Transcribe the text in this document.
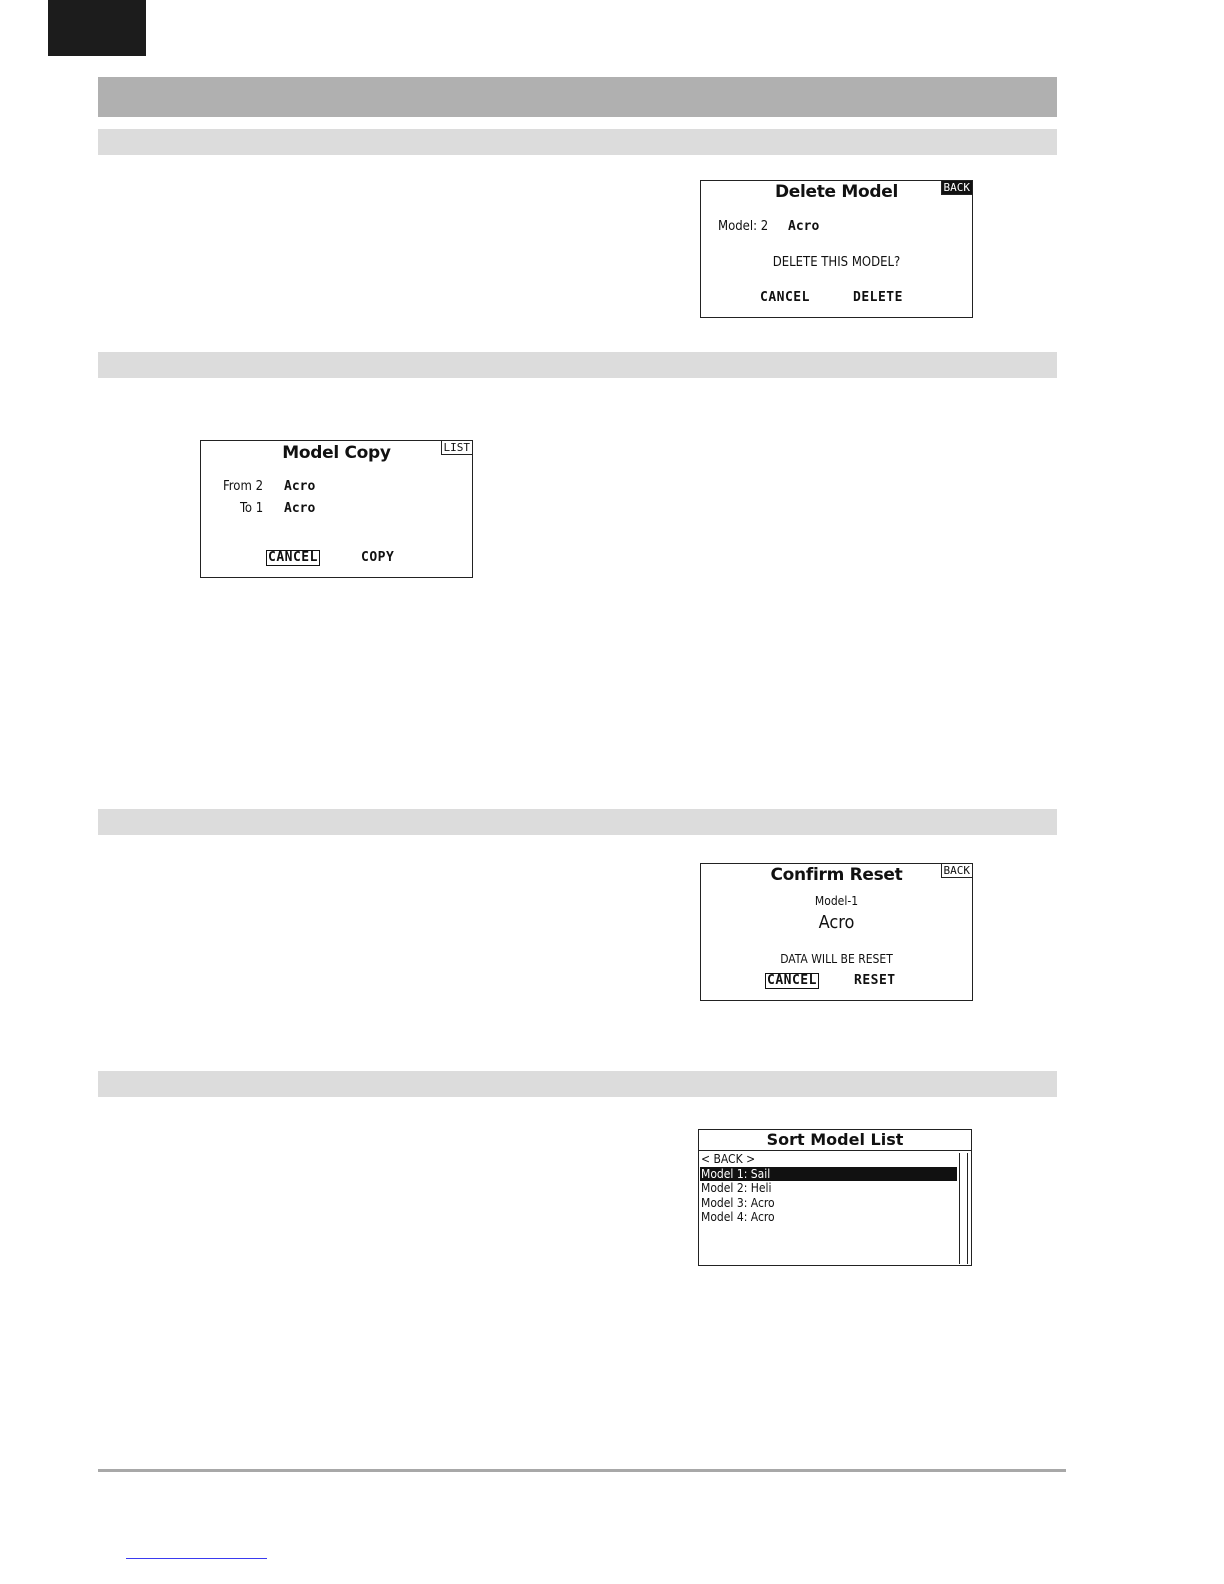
Delete Model	BACK
Model: 2 Acro
DELETE THIS MODEL?
CANCEL	DELETE
Model Copy	LIST
From 2 Acro
To 1 Acro
CANCEL	COPY
Confirm Reset	BACK
Model-1
Acro
DATA WILL BE RESET
CANCEL	RESET
Sort Model List
< BACK >
Model 1: Sail
Model 2: Heli
Model 3: Acro
Model 4: Acro
